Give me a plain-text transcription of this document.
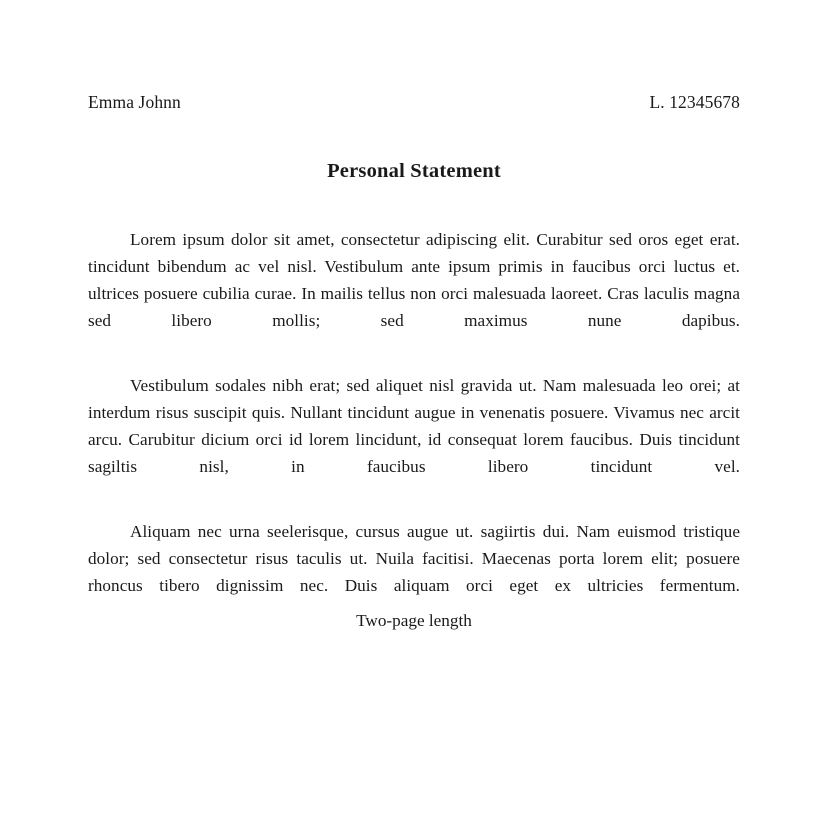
Emma Johnn	L. 12345678
Personal Statement

Lorem ipsum dolor sit amet, consectetur adipiscing elit. Curabitur sed oros eget erat. tincidunt bibendum ac vel nisl. Vestibulum ante ipsum primis in faucibus orci luctus et. ultrices posuere cubilia curae. In mailis tellus non orci malesuada laoreet. Cras laculis magna sed libero mollis; sed maximus nune dapibus.

Vestibulum sodales nibh erat; sed aliquet nisl gravida ut. Nam malesuada leo orei; at interdum risus suscipit quis. Nullant tincidunt augue in venenatis posuere. Vivamus nec arcit arcu. Carubitur dicium orci id lorem lincidunt, id consequat lorem faucibus. Duis tincidunt sagiltis nisl, in faucibus libero tincidunt vel.

Aliquam nec urna seelerisque, cursus augue ut. sagiirtis dui. Nam euismod tristique dolor; sed consectetur risus taculis ut. Nuila facitisi. Maecenas porta lorem elit; posuere rhoncus tibero dignissim nec. Duis aliquam orci eget ex ultricies fermentum.

Two-page length
